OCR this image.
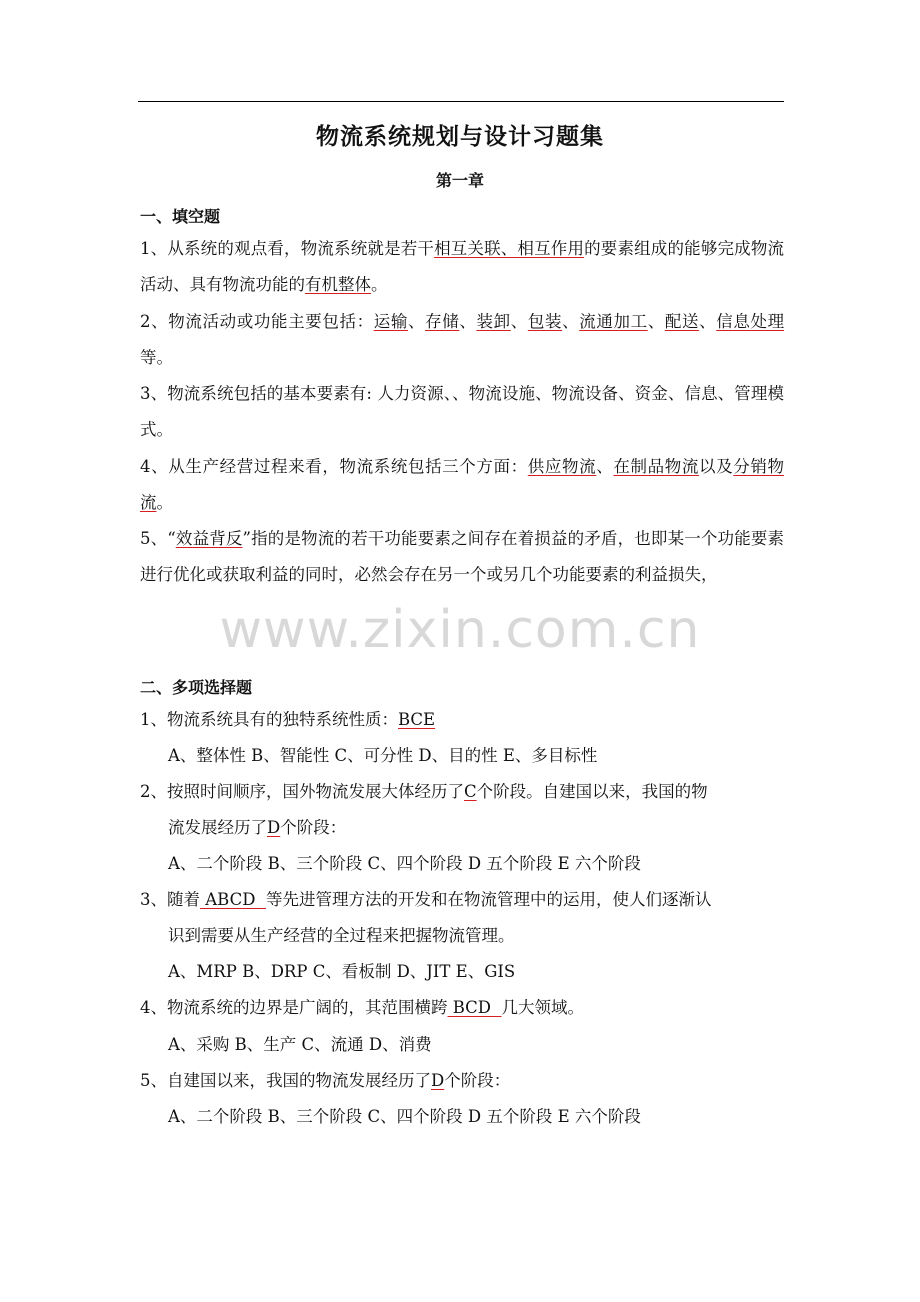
物流系统规划与设计习题集
第一章
一、填空题
1、从系统的观点看，物流系统就是若干相互关联、相互作用的要素组成的能够完成物流活动、具有物流功能的有机整体。
2、物流活动或功能主要包括：运输、存储、装卸、包装、流通加工、配送、信息处理等。
3、物流系统包括的基本要素有: 人力资源、、物流设施、物流设备、资金、信息、管理模式。
4、从生产经营过程来看，物流系统包括三个方面：供应物流、在制品物流以及分销物流。
5、“效益背反”指的是物流的若干功能要素之间存在着损益的矛盾，也即某一个功能要素进行优化或获取利益的同时，必然会存在另一个或另几个功能要素的利益损失，
www.zixin.com.cn
二、多项选择题
1、物流系统具有的独特系统性质：BCE
A、整体性 B、智能性 C、可分性 D、目的性 E、多目标性
2、按照时间顺序，国外物流发展大体经历了C个阶段。自建国以来，我国的物
流发展经历了D个阶段：
A、二个阶段 B、三个阶段 C、四个阶段 D 五个阶段 E 六个阶段
3、随着 ABCD  等先进管理方法的开发和在物流管理中的运用，使人们逐渐认
识到需要从生产经营的全过程来把握物流管理。
A、MRP B、DRP C、看板制 D、JIT E、GIS
4、物流系统的边界是广阔的，其范围横跨 BCD  几大领域。
A、采购 B、生产 C、流通 D、消费
5、自建国以来，我国的物流发展经历了D个阶段：
A、二个阶段 B、三个阶段 C、四个阶段 D 五个阶段 E 六个阶段
